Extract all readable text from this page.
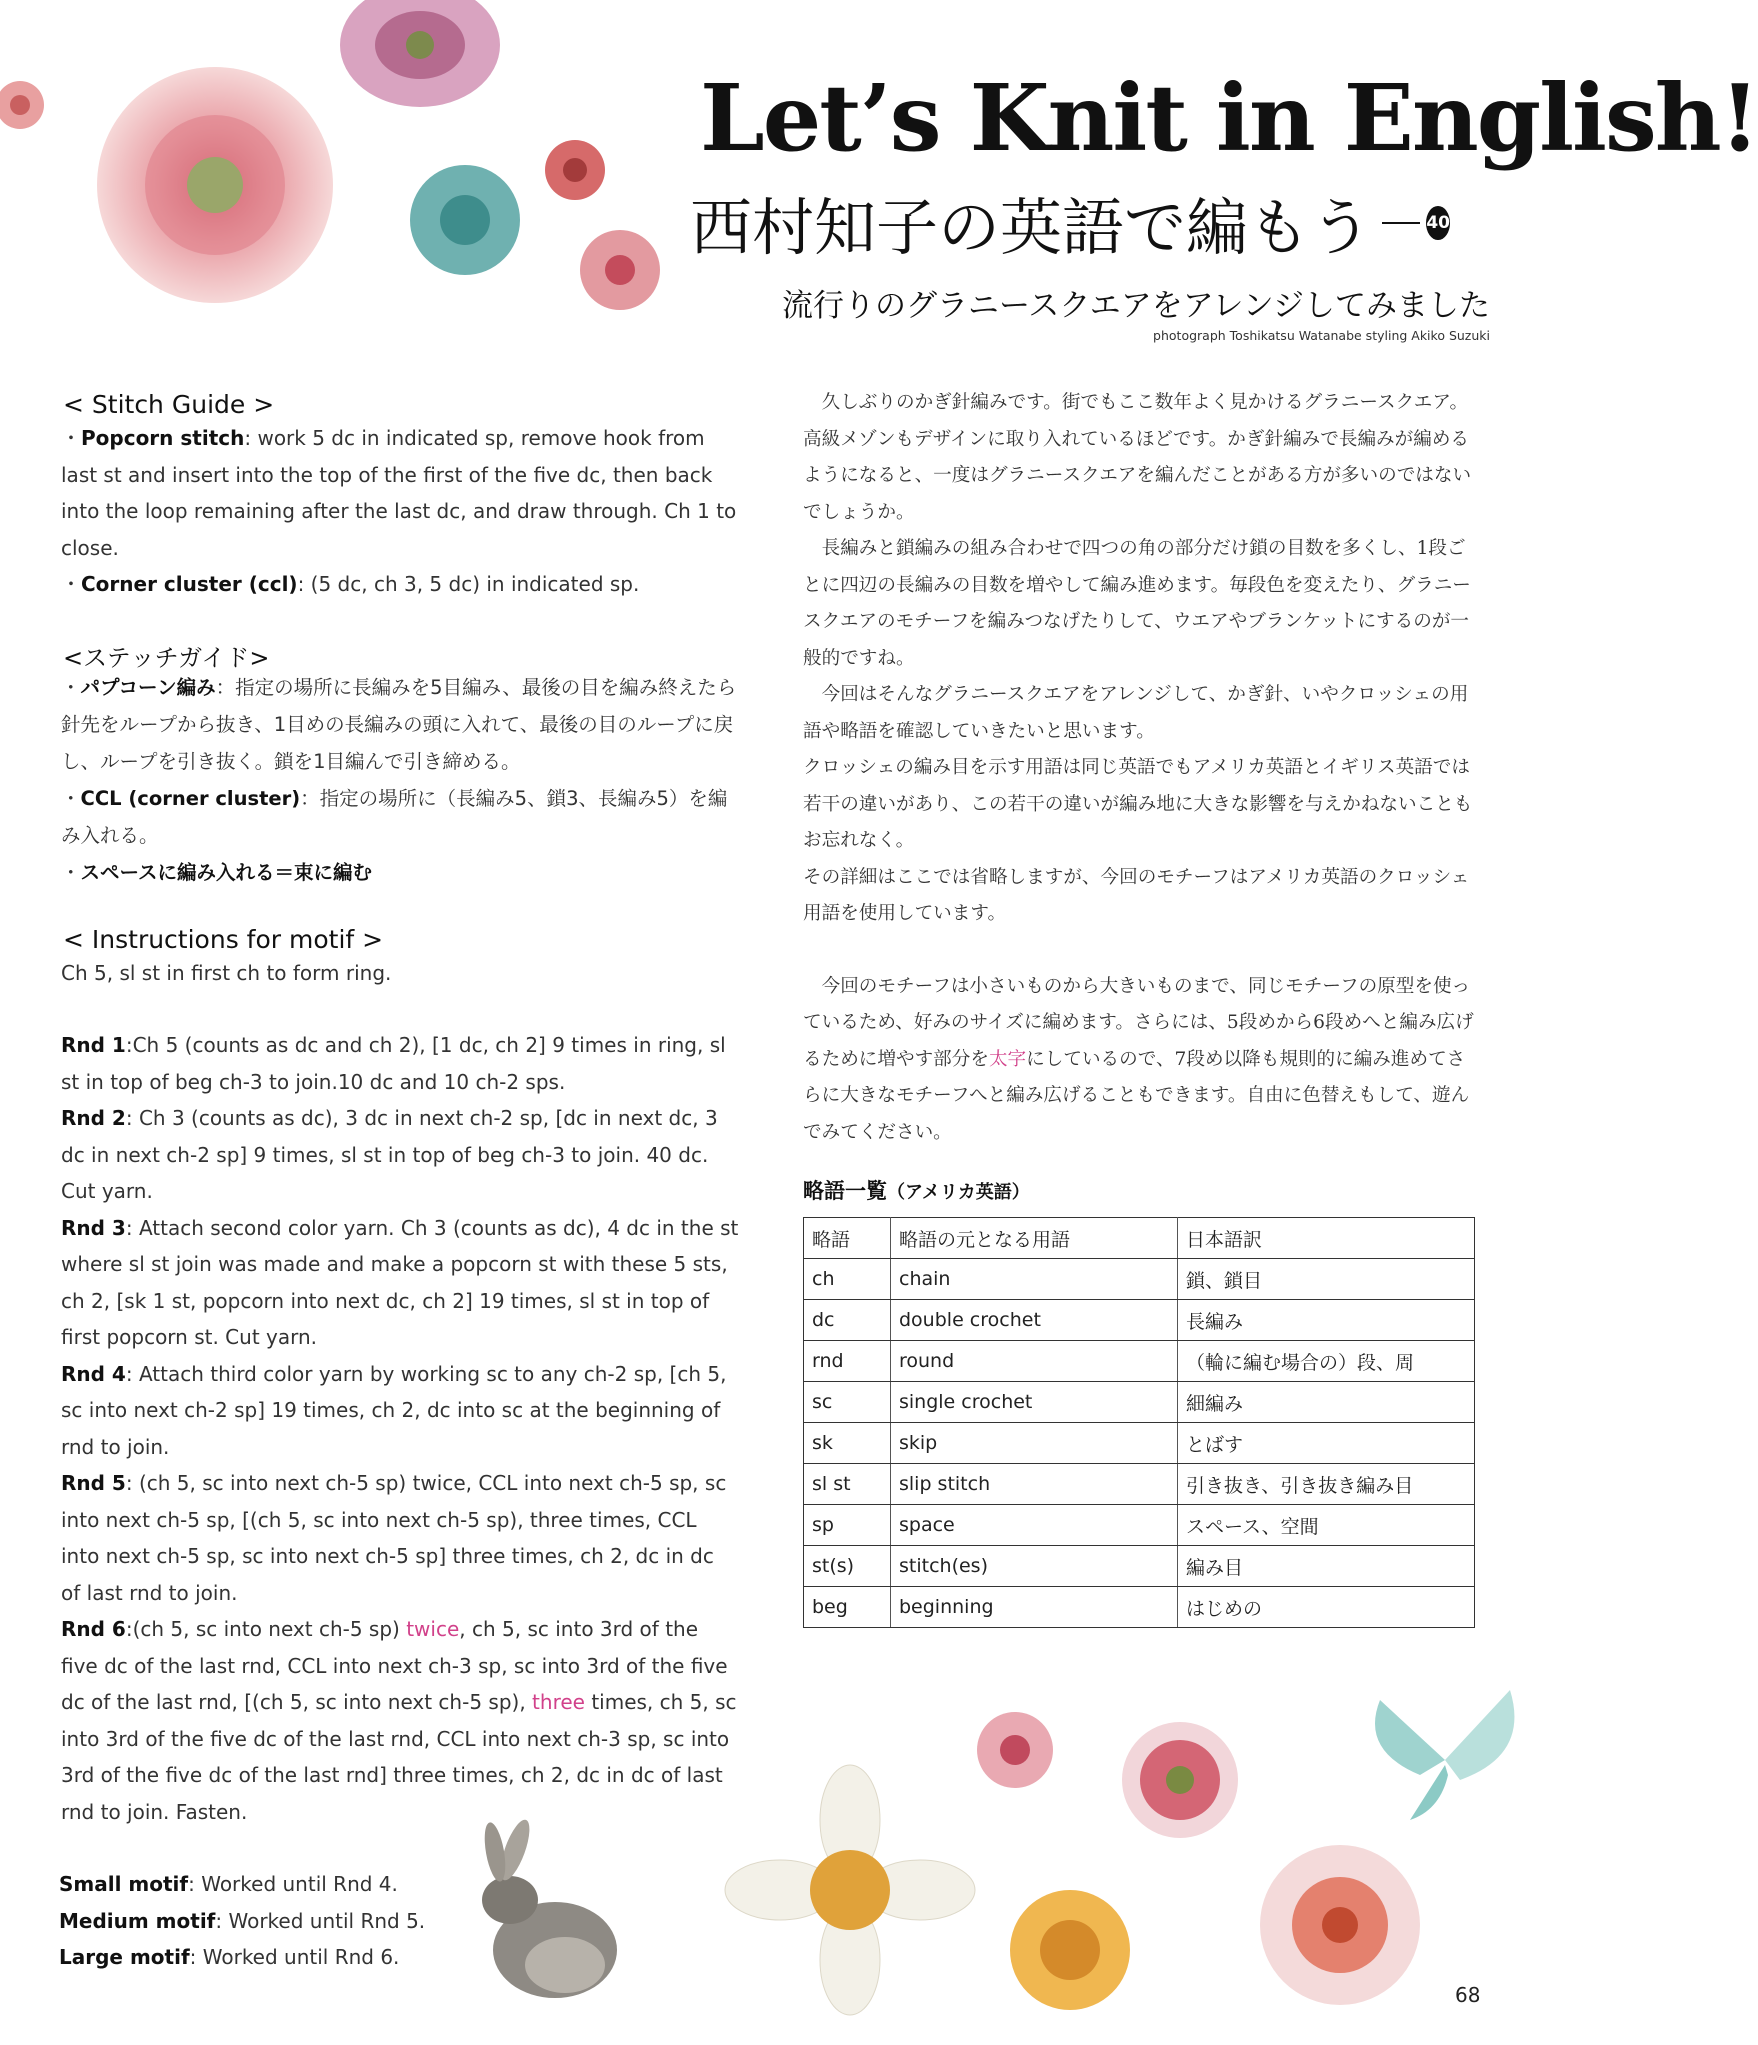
Let’s Knit in English!
西村知子の英語で編もう	40
流行りのグラニースクエアをアレンジしてみました
photograph Toshikatsu Watanabe styling Akiko Suzuki
< Stitch Guide >
・Popcorn stitch: work 5 dc in indicated sp, remove hook from last st and insert into the top of the first of the five dc, then back into the loop remaining after the last dc, and draw through. Ch 1 to close.
・Corner cluster (ccl): (5 dc, ch 3, 5 dc) in indicated sp.
<ステッチガイド>
・パプコーン編み：指定の場所に長編みを5目編み、最後の目を編み終えたら針先をループから抜き、1目めの長編みの頭に入れて、最後の目のループに戻し、ループを引き抜く。鎖を1目編んで引き締める。
・CCL (corner cluster)：指定の場所に（長編み5、鎖3、長編み5）を編み入れる。
・スペースに編み入れる＝束に編む
< Instructions for motif >
Ch 5, sl st in first ch to form ring.
Rnd 1:Ch 5 (counts as dc and ch 2), [1 dc, ch 2] 9 times in ring, sl st in top of beg ch-3 to join.10 dc and 10 ch-2 sps.
Rnd 2: Ch 3 (counts as dc), 3 dc in next ch-2 sp, [dc in next dc, 3 dc in next ch-2 sp] 9 times, sl st in top of beg ch-3 to join. 40 dc. Cut yarn.
Rnd 3: Attach second color yarn. Ch 3 (counts as dc), 4 dc in the st where sl st join was made and make a popcorn st with these 5 sts, ch 2, [sk 1 st, popcorn into next dc, ch 2] 19 times, sl st in top of first popcorn st. Cut yarn.
Rnd 4: Attach third color yarn by working sc to any ch-2 sp, [ch 5, sc into next ch-2 sp] 19 times, ch 2, dc into sc at the beginning of rnd to join.
Rnd 5: (ch 5, sc into next ch-5 sp) twice, CCL into next ch-5 sp, sc into next ch-5 sp, [(ch 5, sc into next ch-5 sp), three times, CCL into next ch-5 sp, sc into next ch-5 sp] three times, ch 2, dc in dc of last rnd to join.
Rnd 6:(ch 5, sc into next ch-5 sp) twice, ch 5, sc into 3rd of the five dc of the last rnd, CCL into next ch-3 sp, sc into 3rd of the five dc of the last rnd, [(ch 5, sc into next ch-5 sp), three times, ch 5, sc into 3rd of the five dc of the last rnd, CCL into next ch-3 sp, sc into 3rd of the five dc of the last rnd] three times, ch 2, dc in dc of last rnd to join. Fasten.
Small motif: Worked until Rnd 4.
Medium motif: Worked until Rnd 5.
Large motif: Worked until Rnd 6.

久しぶりのかぎ針編みです。街でもここ数年よく見かけるグラニースクエア。高級メゾンもデザインに取り入れているほどです。かぎ針編みで長編みが編めるようになると、一度はグラニースクエアを編んだことがある方が多いのではないでしょうか。

長編みと鎖編みの組み合わせで四つの角の部分だけ鎖の目数を多くし、1段ごとに四辺の長編みの目数を増やして編み進めます。毎段色を変えたり、グラニースクエアのモチーフを編みつなげたりして、ウエアやブランケットにするのが一般的ですね。

今回はそんなグラニースクエアをアレンジして、かぎ針、いやクロッシェの用語や略語を確認していきたいと思います。

クロッシェの編み目を示す用語は同じ英語でもアメリカ英語とイギリス英語では若干の違いがあり、この若干の違いが編み地に大きな影響を与えかねないこともお忘れなく。

その詳細はここでは省略しますが、今回のモチーフはアメリカ英語のクロッシェ用語を使用しています。

今回のモチーフは小さいものから大きいものまで、同じモチーフの原型を使っているため、好みのサイズに編めます。さらには、5段めから6段めへと編み広げるために増やす部分を太字にしているので、7段め以降も規則的に編み進めてさらに大きなモチーフへと編み広げることもできます。自由に色替えもして、遊んでみてください。

略語一覧（アメリカ英語）
略語	略語の元となる用語	日本語訳
ch	chain	鎖、鎖目
dc	double crochet	長編み
rnd	round	（輪に編む場合の）段、周
sc	single crochet	細編み
sk	skip	とばす
sl st	slip stitch	引き抜き、引き抜き編み目
sp	space	スペース、空間
st(s)	stitch(es)	編み目
beg	beginning	はじめの
68
